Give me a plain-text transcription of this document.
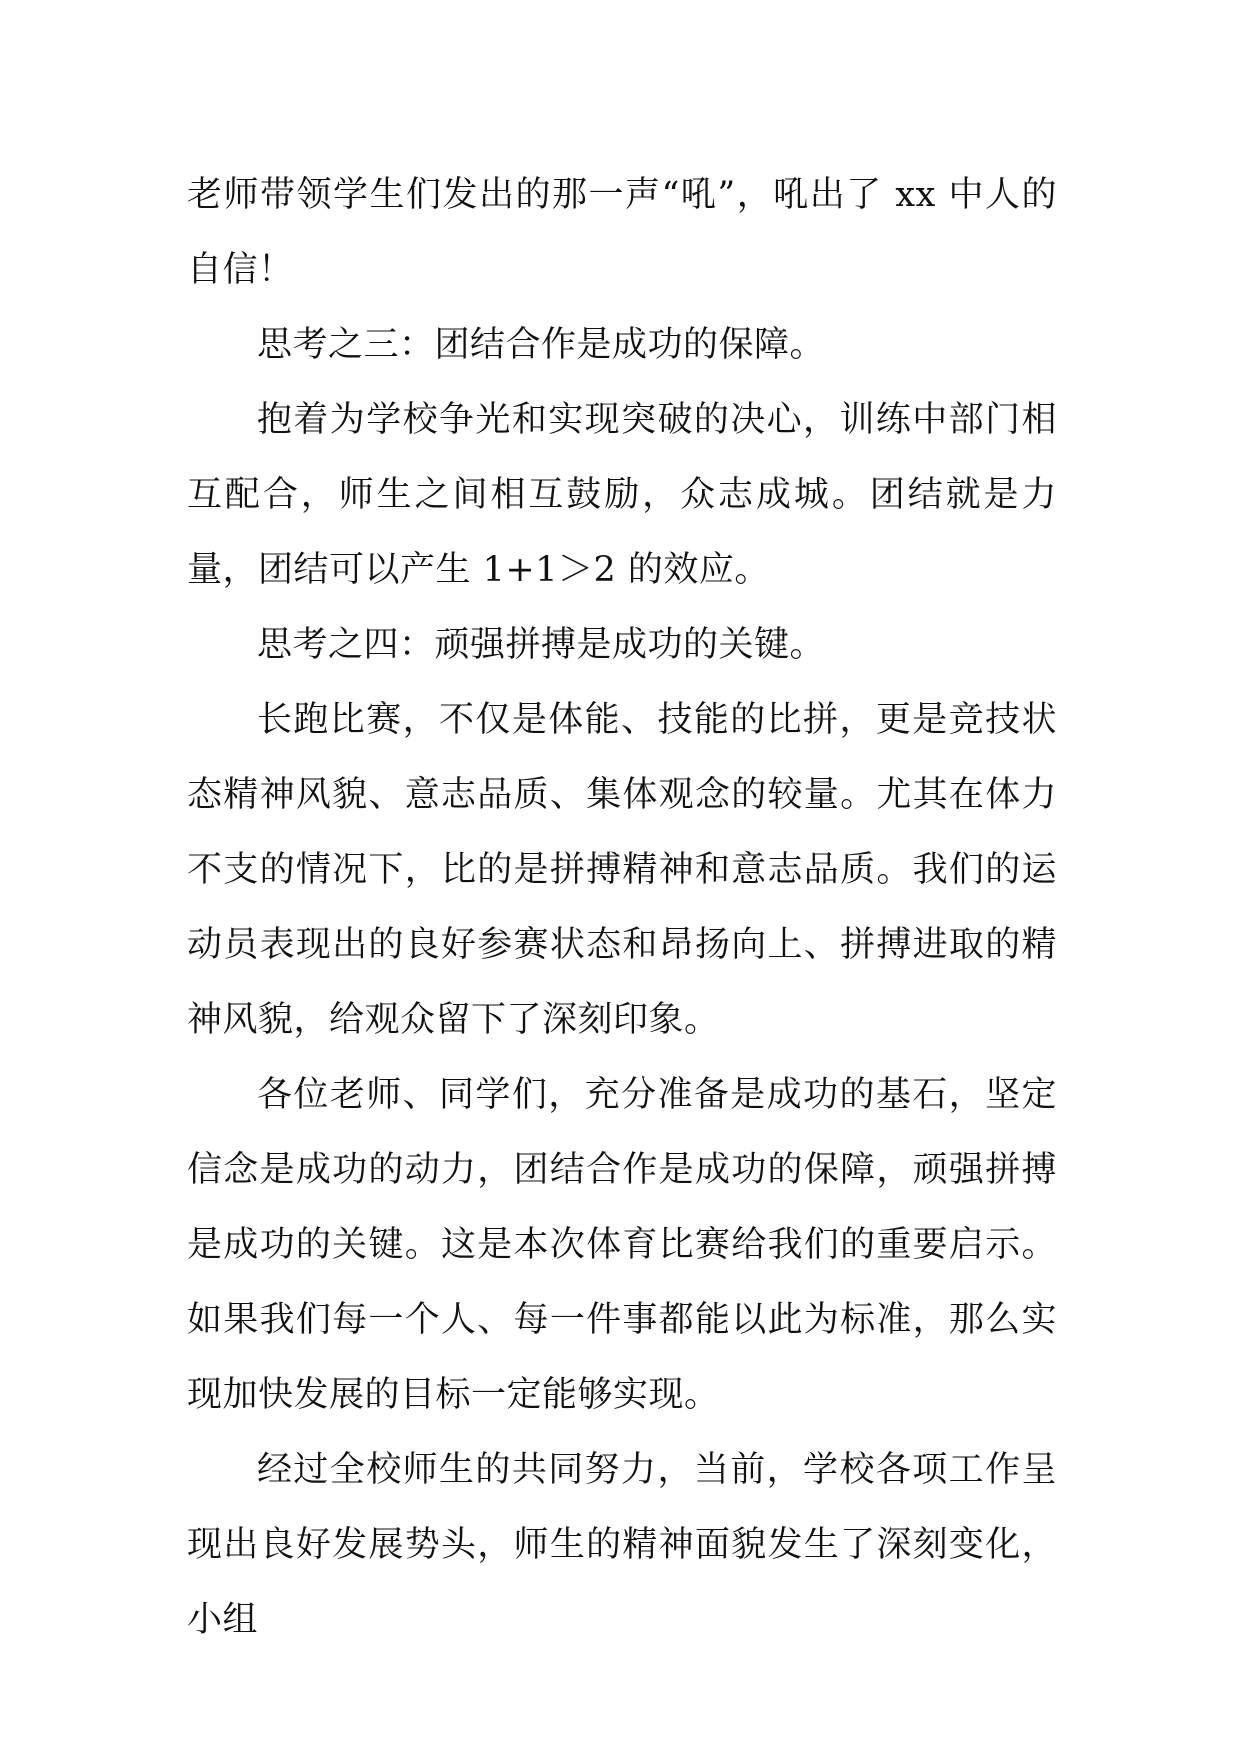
老师带领学生们发出的那一声“吼”，吼出了 xx 中人的自信！

思考之三：团结合作是成功的保障。

抱着为学校争光和实现突破的决心，训练中部门相互配合，师生之间相互鼓励，众志成城。团结就是力量，团结可以产生 1+1＞2 的效应。

思考之四：顽强拼搏是成功的关键。

长跑比赛，不仅是体能、技能的比拼，更是竞技状态精神风貌、意志品质、集体观念的较量。尤其在体力不支的情况下，比的是拼搏精神和意志品质。我们的运动员表现出的良好参赛状态和昂扬向上、拼搏进取的精神风貌，给观众留下了深刻印象。

各位老师、同学们，充分准备是成功的基石，坚定信念是成功的动力，团结合作是成功的保障，顽强拼搏是成功的关键。这是本次体育比赛给我们的重要启示。如果我们每一个人、每一件事都能以此为标准，那么实现加快发展的目标一定能够实现。

经过全校师生的共同努力，当前，学校各项工作呈现出良好发展势头，师生的精神面貌发生了深刻变化，小组
